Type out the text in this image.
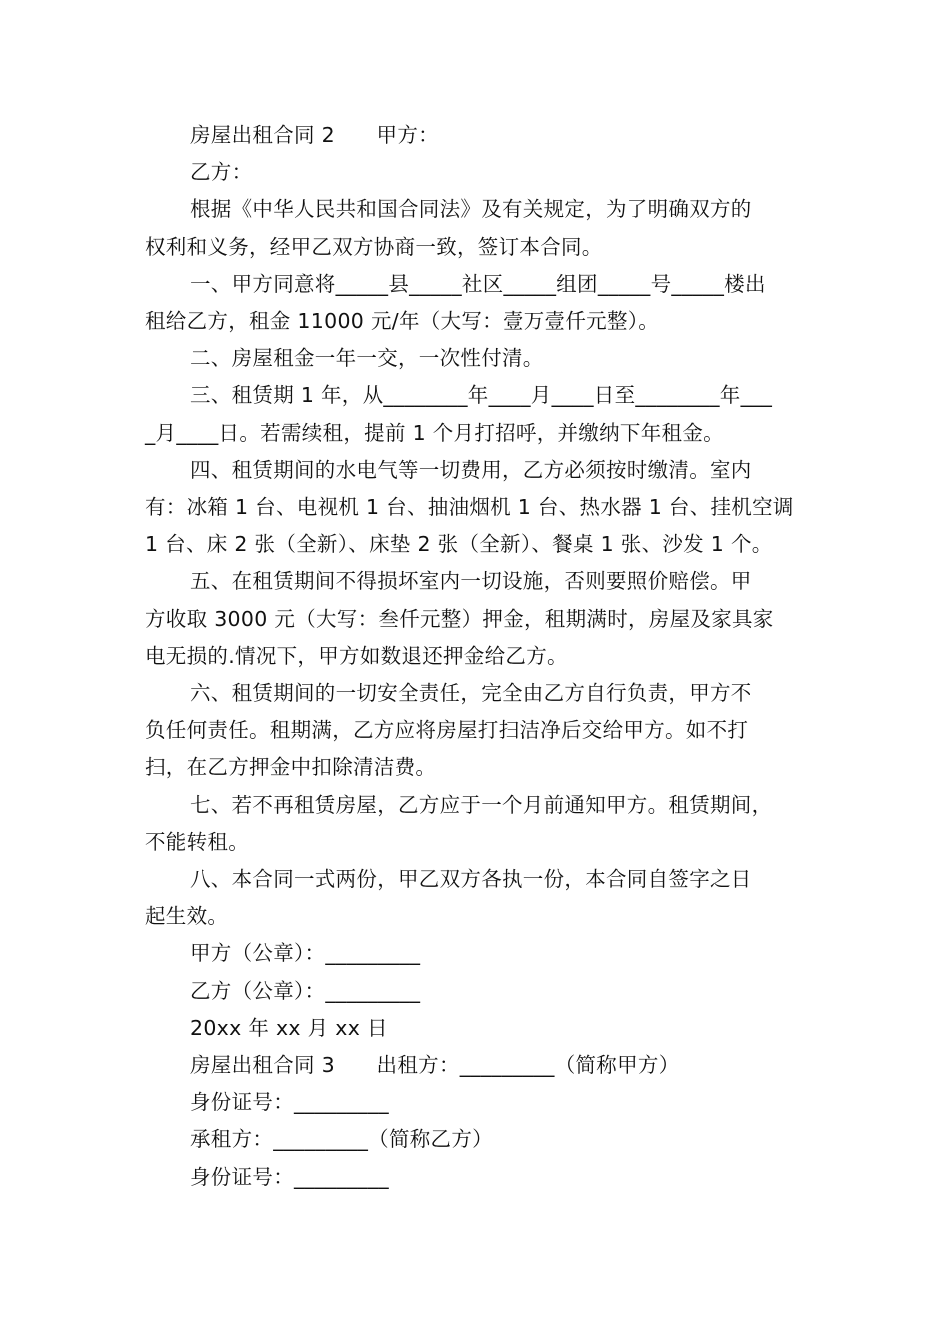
房屋出租合同 2　　甲方：
乙方：
根据《中华人民共和国合同法》及有关规定，为了明确双方的
权利和义务，经甲乙双方协商一致，签订本合同。
一、甲方同意将_____县_____社区_____组团_____号_____楼出
租给乙方，租金 11000 元/年（大写：壹万壹仟元整）。
二、房屋租金一年一交，一次性付清。
三、租赁期 1 年，从________年____月____日至________年___
_月____日。若需续租，提前 1 个月打招呼，并缴纳下年租金。
四、租赁期间的水电气等一切费用，乙方必须按时缴清。室内
有：冰箱 1 台、电视机 1 台、抽油烟机 1 台、热水器 1 台、挂机空调
1 台、床 2 张（全新）、床垫 2 张（全新）、餐桌 1 张、沙发 1 个。
五、在租赁期间不得损坏室内一切设施，否则要照价赔偿。甲
方收取 3000 元（大写：叁仟元整）押金，租期满时，房屋及家具家
电无损的.情况下，甲方如数退还押金给乙方。
六、租赁期间的一切安全责任，完全由乙方自行负责，甲方不
负任何责任。租期满，乙方应将房屋打扫洁净后交给甲方。如不打
扫，在乙方押金中扣除清洁费。
七、若不再租赁房屋，乙方应于一个月前通知甲方。租赁期间，
不能转租。
八、本合同一式两份，甲乙双方各执一份，本合同自签字之日
起生效。
甲方（公章）：_________
乙方（公章）：_________
20xx 年 xx 月 xx 日
房屋出租合同 3　　出租方：_________（简称甲方）
身份证号：_________
承租方：_________（简称乙方）
身份证号：_________
